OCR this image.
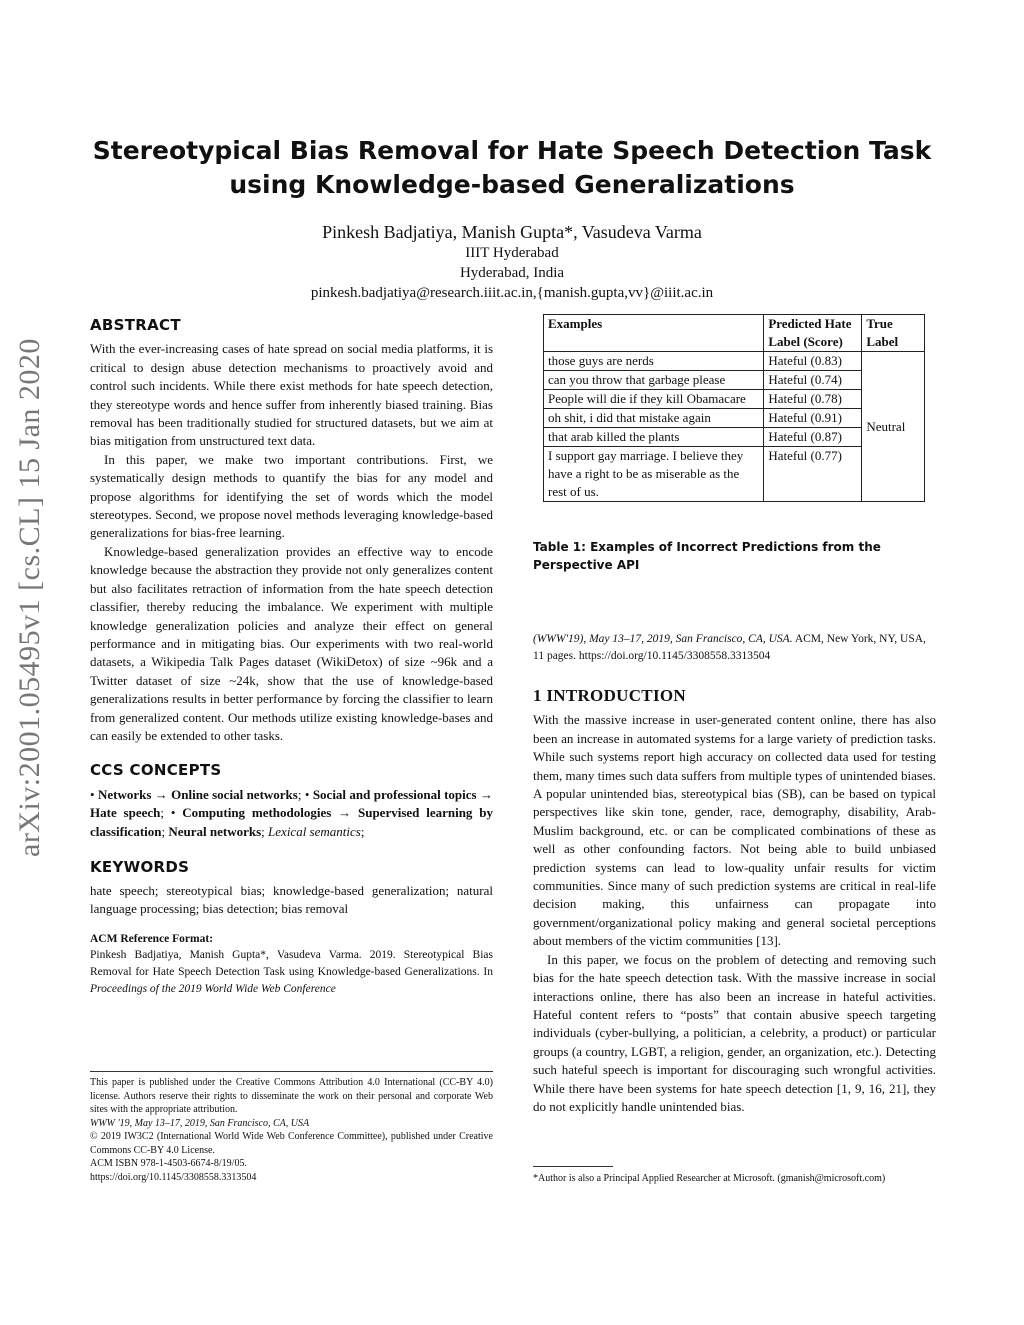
arXiv:2001.05495v1 [cs.CL] 15 Jan 2020
Stereotypical Bias Removal for Hate Speech Detection Task
using Knowledge-based Generalizations
Pinkesh Badjatiya, Manish Gupta*, Vasudeva Varma
IIIT Hyderabad
Hyderabad, India
pinkesh.badjatiya@research.iiit.ac.in,{manish.gupta,vv}@iiit.ac.in
ABSTRACT

With the ever-increasing cases of hate spread on social media platforms, it is critical to design abuse detection mechanisms to proactively avoid and control such incidents. While there exist methods for hate speech detection, they stereotype words and hence suffer from inherently biased training. Bias removal has been traditionally studied for structured datasets, but we aim at bias mitigation from unstructured text data.

In this paper, we make two important contributions. First, we systematically design methods to quantify the bias for any model and propose algorithms for identifying the set of words which the model stereotypes. Second, we propose novel methods leveraging knowledge-based generalizations for bias-free learning.

Knowledge-based generalization provides an effective way to encode knowledge because the abstraction they provide not only generalizes content but also facilitates retraction of information from the hate speech detection classifier, thereby reducing the imbalance. We experiment with multiple knowledge generalization policies and analyze their effect on general performance and in mitigating bias. Our experiments with two real-world datasets, a Wikipedia Talk Pages dataset (WikiDetox) of size ~96k and a Twitter dataset of size ~24k, show that the use of knowledge-based generalizations results in better performance by forcing the classifier to learn from generalized content. Our methods utilize existing knowledge-bases and can easily be extended to other tasks.

CCS CONCEPTS
• Networks → Online social networks; • Social and professional topics → Hate speech; • Computing methodologies → Supervised learning by classification; Neural networks; Lexical semantics;
KEYWORDS

hate speech; stereotypical bias; knowledge-based generalization; natural language processing; bias detection; bias removal

ACM Reference Format:
Pinkesh Badjatiya, Manish Gupta*, Vasudeva Varma. 2019. Stereotypical Bias Removal for Hate Speech Detection Task using Knowledge-based Generalizations. In Proceedings of the 2019 World Wide Web Conference
This paper is published under the Creative Commons Attribution 4.0 International (CC-BY 4.0) license. Authors reserve their rights to disseminate the work on their personal and corporate Web sites with the appropriate attribution.
WWW '19, May 13–17, 2019, San Francisco, CA, USA
© 2019 IW3C2 (International World Wide Web Conference Committee), published under Creative Commons CC-BY 4.0 License.
ACM ISBN 978-1-4503-6674-8/19/05.
https://doi.org/10.1145/3308558.3313504
Examples	Predicted Hate Label (Score)	True Label
those guys are nerds	Hateful (0.83)	Neutral
can you throw that garbage please	Hateful (0.74)	
People will die if they kill Obamacare	Hateful (0.78)	
oh shit, i did that mistake again	Hateful (0.91)	
that arab killed the plants	Hateful (0.87)	
I support gay marriage. I believe they have a right to be as miserable as the rest of us.	Hateful (0.77)	
Table 1: Examples of Incorrect Predictions from the Perspective API
(WWW'19), May 13–17, 2019, San Francisco, CA, USA. ACM, New York, NY, USA, 11 pages. https://doi.org/10.1145/3308558.3313504
1 INTRODUCTION

With the massive increase in user-generated content online, there has also been an increase in automated systems for a large variety of prediction tasks. While such systems report high accuracy on collected data used for testing them, many times such data suffers from multiple types of unintended biases. A popular unintended bias, stereotypical bias (SB), can be based on typical perspectives like skin tone, gender, race, demography, disability, Arab-Muslim background, etc. or can be complicated combinations of these as well as other confounding factors. Not being able to build unbiased prediction systems can lead to low-quality unfair results for victim communities. Since many of such prediction systems are critical in real-life decision making, this unfairness can propagate into government/organizational policy making and general societal perceptions about members of the victim communities [13].

In this paper, we focus on the problem of detecting and removing such bias for the hate speech detection task. With the massive increase in social interactions online, there has also been an increase in hateful activities. Hateful content refers to “posts” that contain abusive speech targeting individuals (cyber-bullying, a politician, a celebrity, a product) or particular groups (a country, LGBT, a religion, gender, an organization, etc.). Detecting such hateful speech is important for discouraging such wrongful activities. While there have been systems for hate speech detection [1, 9, 16, 21], they do not explicitly handle unintended bias.

*Author is also a Principal Applied Researcher at Microsoft. (gmanish@microsoft.com)
